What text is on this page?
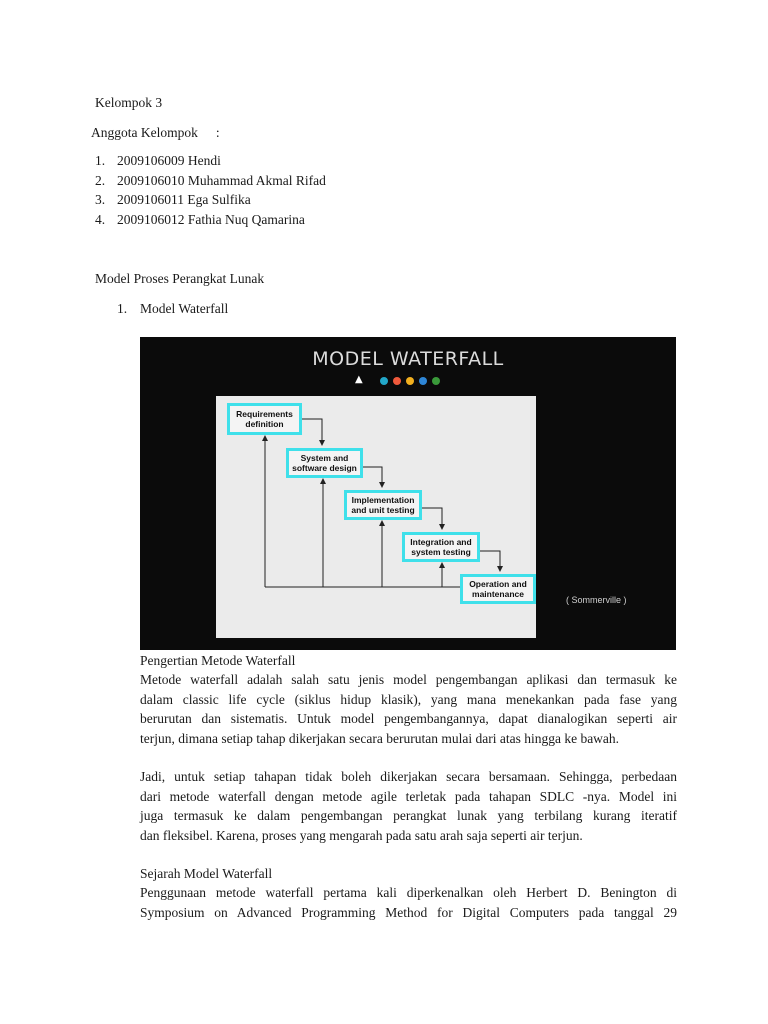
Kelompok 3
Anggota Kelompok :
1. 2009106009 Hendi
2. 2009106010 Muhammad Akmal Rifad
3. 2009106011 Ega Sulfika
4. 2009106012 Fathia Nuq Qamarina
Model Proses Perangkat Lunak
1. Model Waterfall
MODEL WATERFALL
▲
Requirements definition
System and software design
Implementation and unit testing
Integration and system testing
Operation and maintenance
( Sommerville )
Pengertian Metode Waterfall
Metode waterfall adalah salah satu jenis model pengembangan aplikasi dan termasuk ke
dalam classic life cycle (siklus hidup klasik), yang mana menekankan pada fase yang
berurutan dan sistematis. Untuk model pengembangannya, dapat dianalogikan seperti air
terjun, dimana setiap tahap dikerjakan secara berurutan mulai dari atas hingga ke bawah.
Jadi, untuk setiap tahapan tidak boleh dikerjakan secara bersamaan. Sehingga, perbedaan
dari metode waterfall dengan metode agile terletak pada tahapan SDLC -nya. Model ini
juga termasuk ke dalam pengembangan perangkat lunak yang terbilang kurang iteratif
dan fleksibel. Karena, proses yang mengarah pada satu arah saja seperti air terjun.
Sejarah Model Waterfall
Penggunaan metode waterfall pertama kali diperkenalkan oleh Herbert D. Benington di
Symposium on Advanced Programming Method for Digital Computers pada tanggal 29
